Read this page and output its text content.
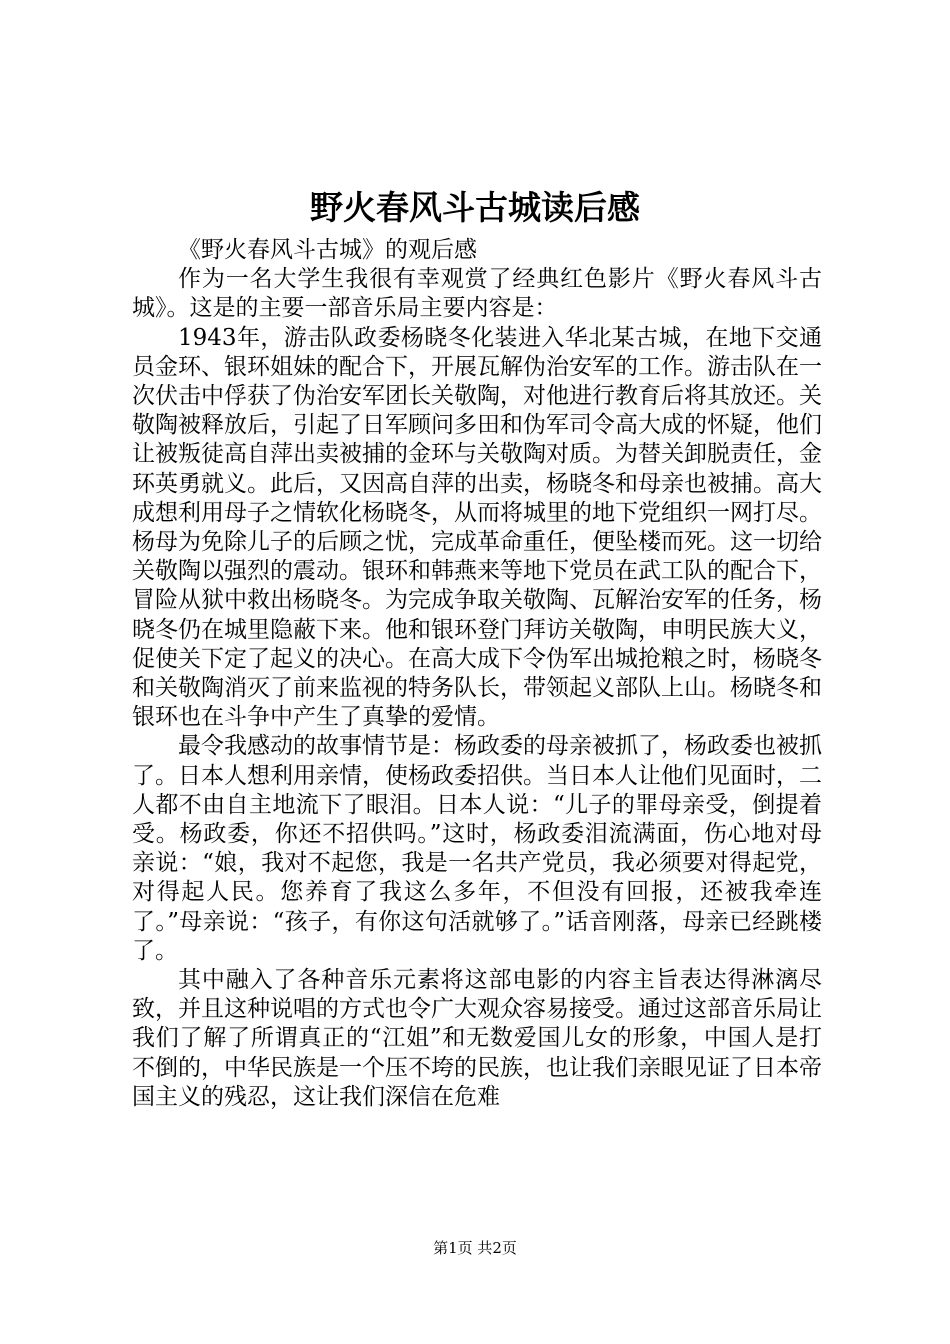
野火春风斗古城读后感

《野火春风斗古城》的观后感

作为一名大学生我很有幸观赏了经典红色影片《野火春风斗古城》。这是的主要一部音乐局主要内容是：

1943年，游击队政委杨晓冬化装进入华北某古城，在地下交通员金环、银环姐妹的配合下，开展瓦解伪治安军的工作。游击队在一次伏击中俘获了伪治安军团长关敬陶，对他进行教育后将其放还。关敬陶被释放后，引起了日军顾问多田和伪军司令高大成的怀疑，他们让被叛徒高自萍出卖被捕的金环与关敬陶对质。为替关卸脱责任，金环英勇就义。此后，又因高自萍的出卖，杨晓冬和母亲也被捕。高大成想利用母子之情软化杨晓冬，从而将城里的地下党组织一网打尽。杨母为免除儿子的后顾之忧，完成革命重任，便坠楼而死。这一切给关敬陶以强烈的震动。银环和韩燕来等地下党员在武工队的配合下，冒险从狱中救出杨晓冬。为完成争取关敬陶、瓦解治安军的任务，杨晓冬仍在城里隐蔽下来。他和银环登门拜访关敬陶，申明民族大义，促使关下定了起义的决心。在高大成下令伪军出城抢粮之时，杨晓冬和关敬陶消灭了前来监视的特务队长，带领起义部队上山。杨晓冬和银环也在斗争中产生了真挚的爱情。

最令我感动的故事情节是：杨政委的母亲被抓了，杨政委也被抓了。日本人想利用亲情，使杨政委招供。当日本人让他们见面时，二人都不由自主地流下了眼泪。日本人说：“儿子的罪母亲受，倒提着受。杨政委，你还不招供吗。”这时，杨政委泪流满面，伤心地对母亲说：“娘，我对不起您，我是一名共产党员，我必须要对得起党，对得起人民。您养育了我这么多年，不但没有回报，还被我牵连了。”母亲说：“孩子，有你这句活就够了。”话音刚落，母亲已经跳楼了。

其中融入了各种音乐元素将这部电影的内容主旨表达得淋漓尽致，并且这种说唱的方式也令广大观众容易接受。通过这部音乐局让我们了解了所谓真正的“江姐”和无数爱国儿女的形象，中国人是打不倒的，中华民族是一个压不垮的民族，也让我们亲眼见证了日本帝国主义的残忍，这让我们深信在危难

第1页 共2页
